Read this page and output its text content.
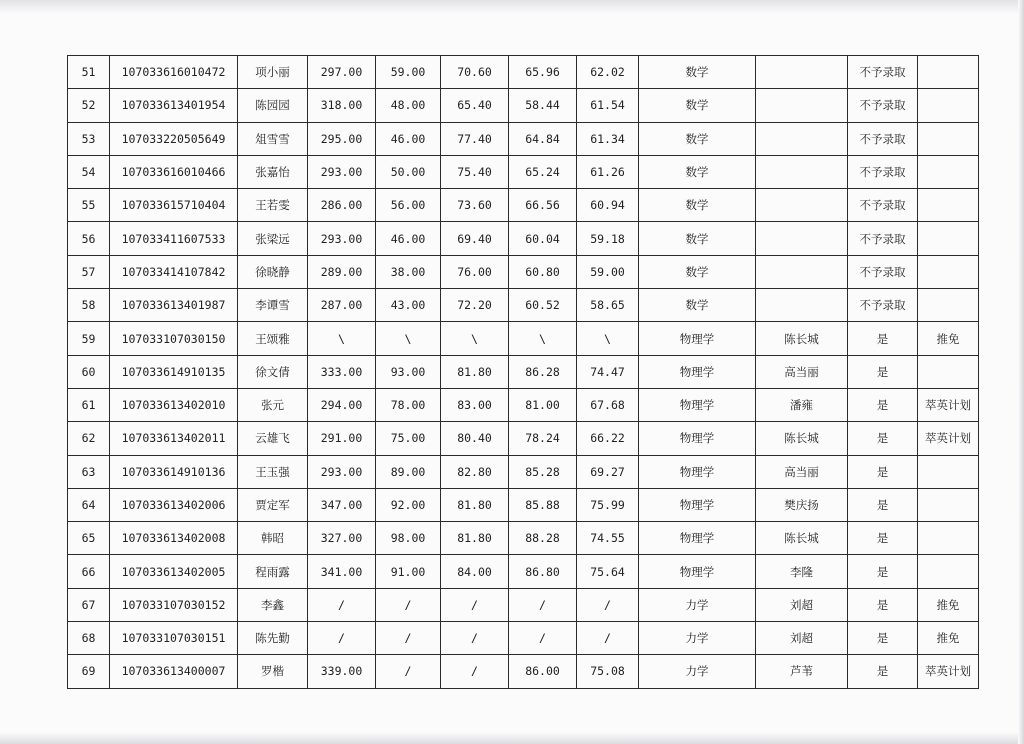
51	107033616010472	项小丽	297.00	59.00	70.60	65.96	62.02	数学		不予录取	
52	107033613401954	陈园园	318.00	48.00	65.40	58.44	61.54	数学		不予录取	
53	107033220505649	俎雪雪	295.00	46.00	77.40	64.84	61.34	数学		不予录取	
54	107033616010466	张嘉怡	293.00	50.00	75.40	65.24	61.26	数学		不予录取	
55	107033615710404	王若雯	286.00	56.00	73.60	66.56	60.94	数学		不予录取	
56	107033411607533	张梁远	293.00	46.00	69.40	60.04	59.18	数学		不予录取	
57	107033414107842	徐晓静	289.00	38.00	76.00	60.80	59.00	数学		不予录取	
58	107033613401987	李谭雪	287.00	43.00	72.20	60.52	58.65	数学		不予录取	
59	107033107030150	王颂雅	\	\	\	\	\	物理学	陈长城	是	推免
60	107033614910135	徐文倩	333.00	93.00	81.80	86.28	74.47	物理学	高当丽	是	
61	107033613402010	张元	294.00	78.00	83.00	81.00	67.68	物理学	潘雍	是	萃英计划
62	107033613402011	云雄飞	291.00	75.00	80.40	78.24	66.22	物理学	陈长城	是	萃英计划
63	107033614910136	王玉强	293.00	89.00	82.80	85.28	69.27	物理学	高当丽	是	
64	107033613402006	贾定军	347.00	92.00	81.80	85.88	75.99	物理学	樊庆扬	是	
65	107033613402008	韩昭	327.00	98.00	81.80	88.28	74.55	物理学	陈长城	是	
66	107033613402005	程雨露	341.00	91.00	84.00	86.80	75.64	物理学	李隆	是	
67	107033107030152	李鑫	/	/	/	/	/	力学	刘超	是	推免
68	107033107030151	陈先勤	/	/	/	/	/	力学	刘超	是	推免
69	107033613400007	罗楷	339.00	/	/	86.00	75.08	力学	芦苇	是	萃英计划
